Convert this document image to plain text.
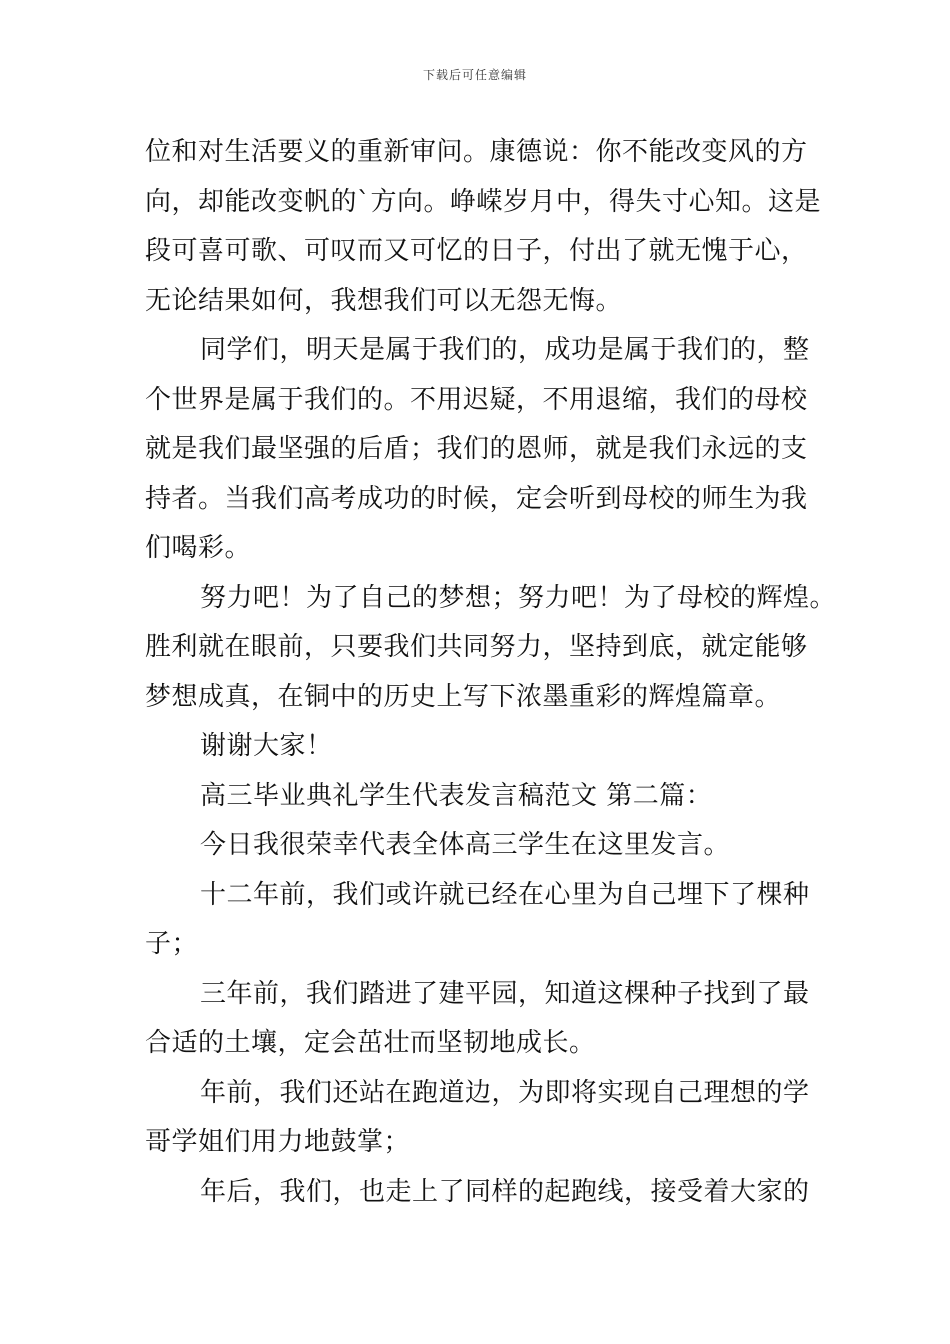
下载后可任意编辑
位和对生活要义的重新审问。康德说：你不能改变风的方
向，却能改变帆的`方向。峥嵘岁月中，得失寸心知。这是
段可喜可歌、可叹而又可忆的日子，付出了就无愧于心，
无论结果如何，我想我们可以无怨无悔。
同学们，明天是属于我们的，成功是属于我们的，整
个世界是属于我们的。不用迟疑，不用退缩，我们的母校
就是我们最坚强的后盾；我们的恩师，就是我们永远的支
持者。当我们高考成功的时候，定会听到母校的师生为我
们喝彩。
努力吧！为了自己的梦想；努力吧！为了母校的辉煌。
胜利就在眼前，只要我们共同努力，坚持到底，就定能够
梦想成真，在铜中的历史上写下浓墨重彩的辉煌篇章。
谢谢大家！
高三毕业典礼学生代表发言稿范文 第二篇：
今日我很荣幸代表全体高三学生在这里发言。
十二年前，我们或许就已经在心里为自己埋下了棵种
子；
三年前，我们踏进了建平园，知道这棵种子找到了最
合适的土壤，定会茁壮而坚韧地成长。
年前，我们还站在跑道边，为即将实现自己理想的学
哥学姐们用力地鼓掌；
年后，我们，也走上了同样的起跑线，接受着大家的
